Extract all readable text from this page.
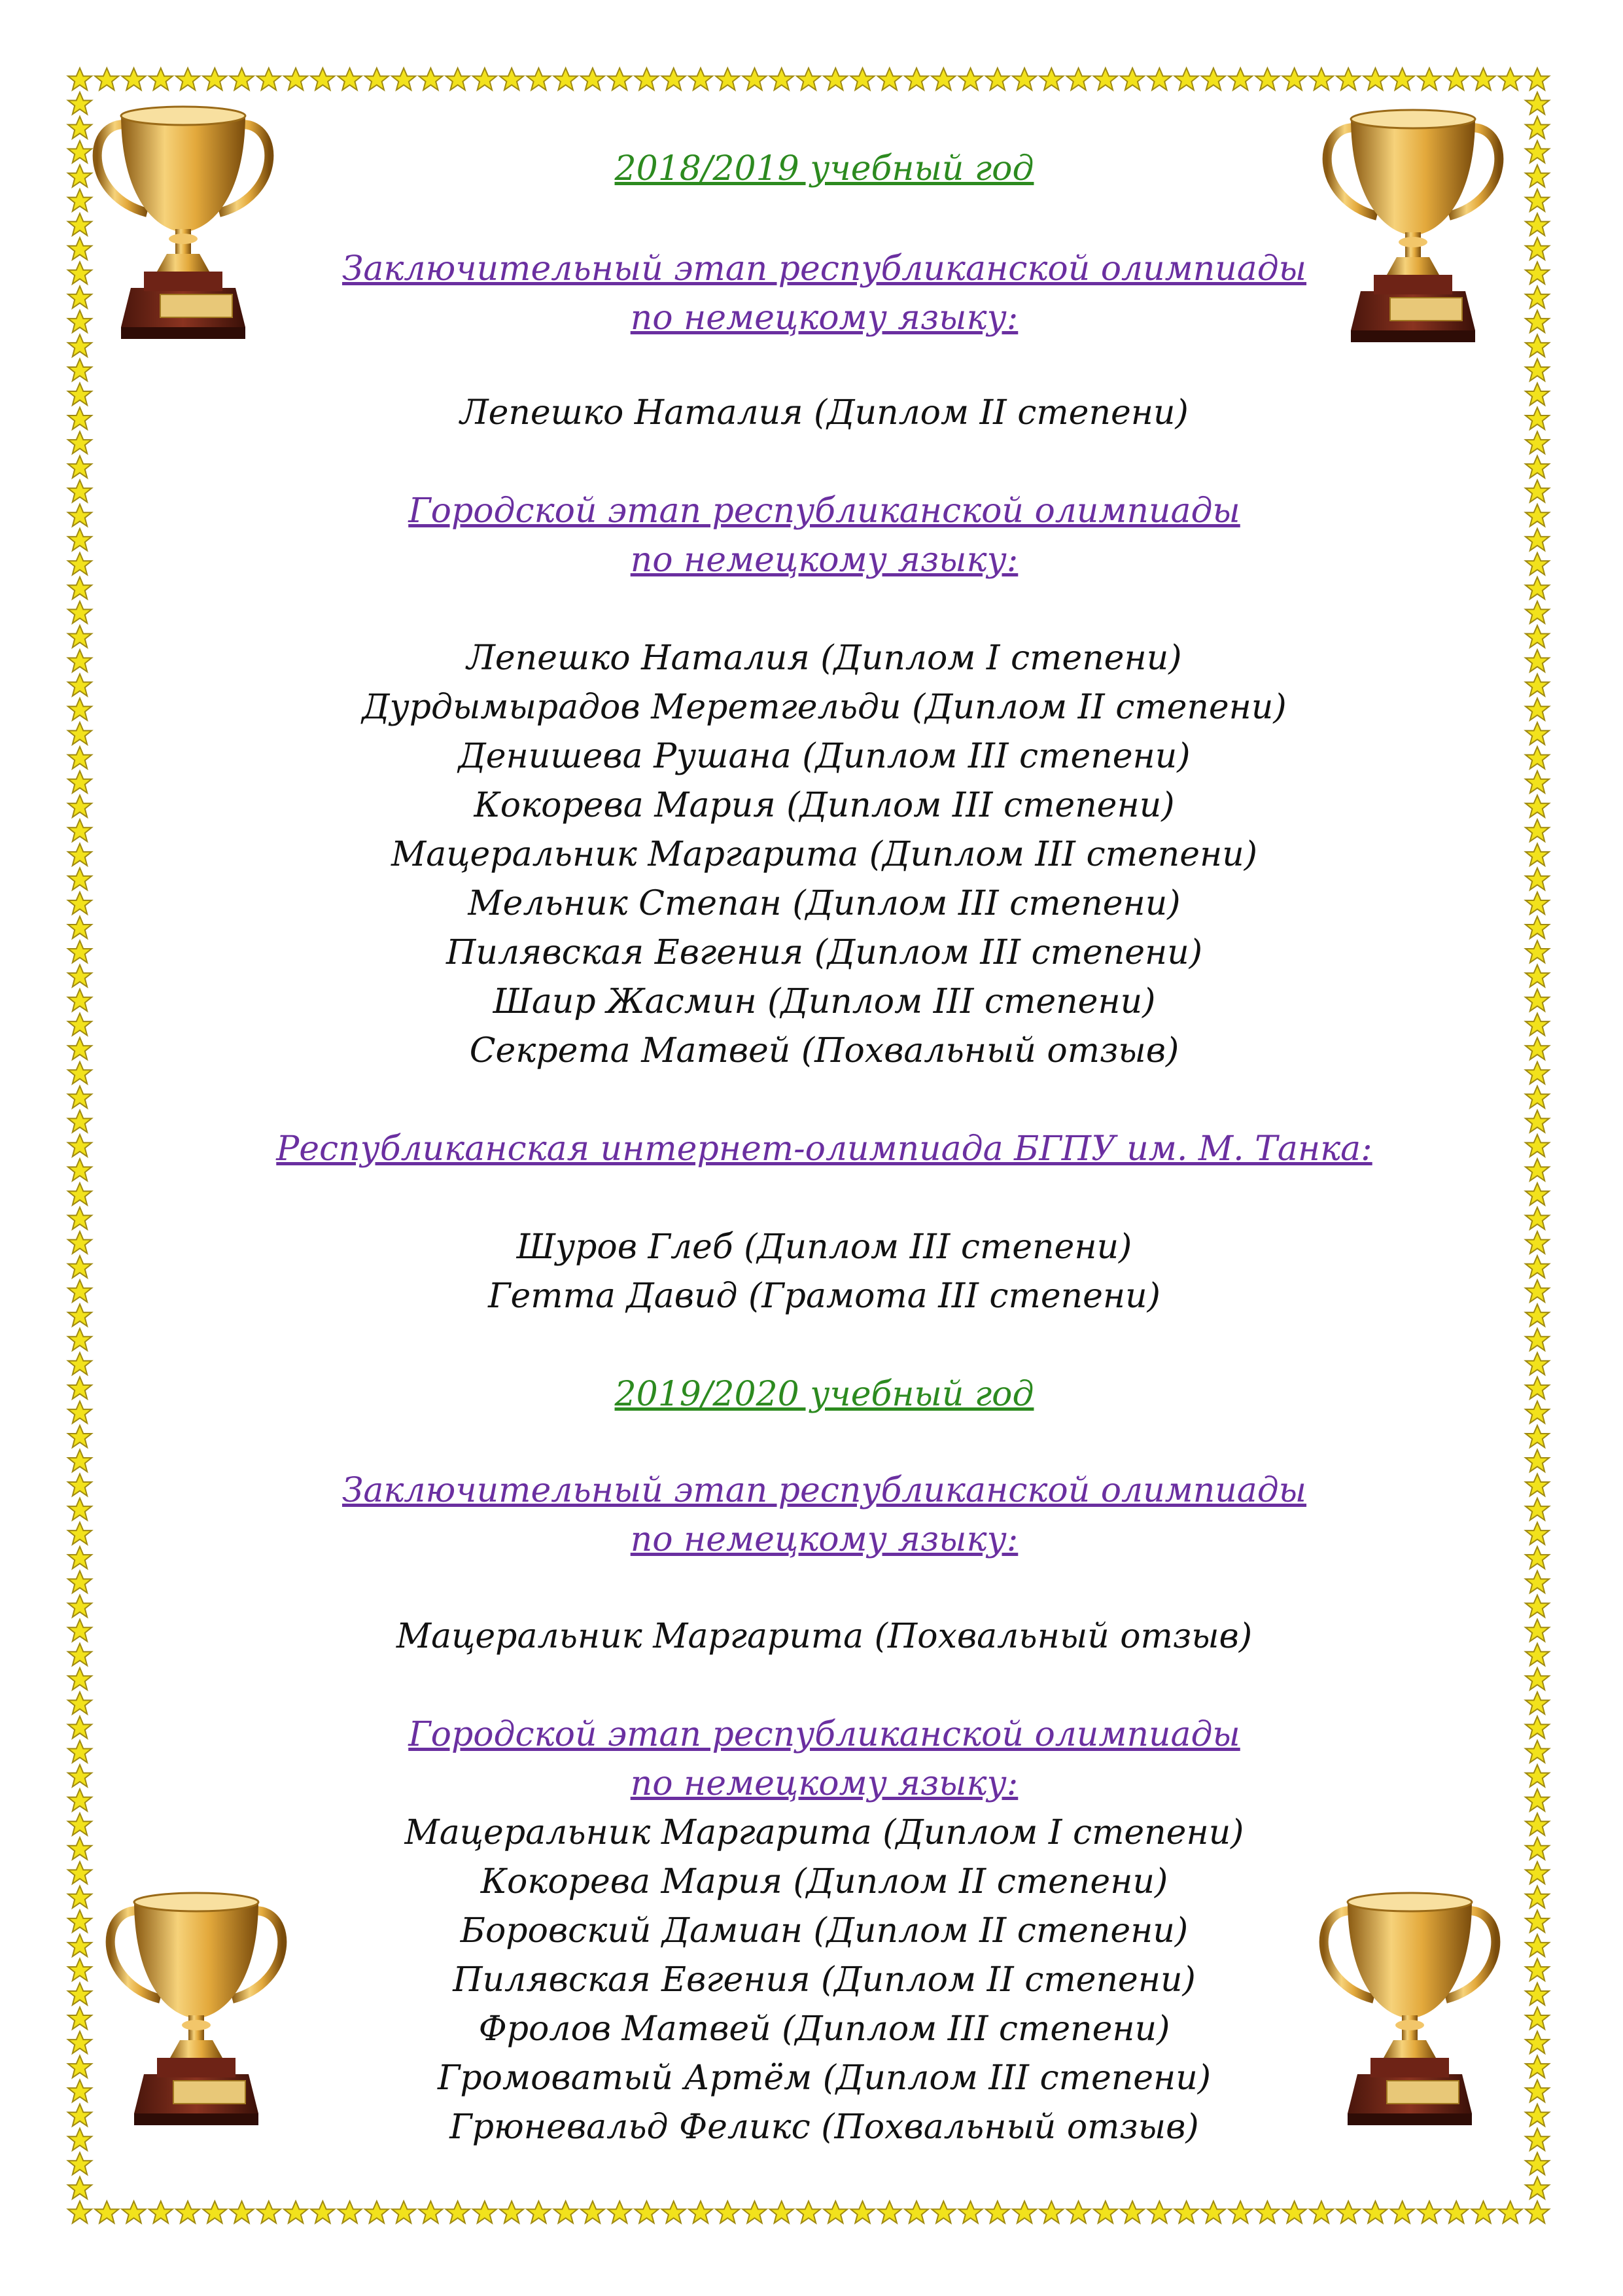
2018/2019 учебный год
Заключительный этап республиканской олимпиады
по немецкому языку:
Лепешко Наталия (Диплом II степени)
Городской этап республиканской олимпиады
по немецкому языку:
Лепешко Наталия (Диплом I степени)
Дурдымырадов Меретгельди (Диплом II степени)
Денишева Рушана (Диплом III степени)
Кокорева Мария (Диплом III степени)
Мацеральник Маргарита (Диплом III степени)
Мельник Степан (Диплом III степени)
Пилявская Евгения (Диплом III степени)
Шаир Жасмин (Диплом III степени)
Секрета Матвей (Похвальный отзыв)
Республиканская интернет-олимпиада БГПУ им. М. Танка:
Шуров Глеб (Диплом III степени)
Гетта Давид (Грамота III степени)
2019/2020 учебный год
Заключительный этап республиканской олимпиады
по немецкому языку:
Мацеральник Маргарита (Похвальный отзыв)
Городской этап республиканской олимпиады
по немецкому языку:
Мацеральник Маргарита (Диплом I степени)
Кокорева Мария (Диплом II степени)
Боровский Дамиан (Диплом II степени)
Пилявская Евгения (Диплом II степени)
Фролов Матвей (Диплом III степени)
Громоватый Артём (Диплом III степени)
Грюневальд Феликс (Похвальный отзыв)
